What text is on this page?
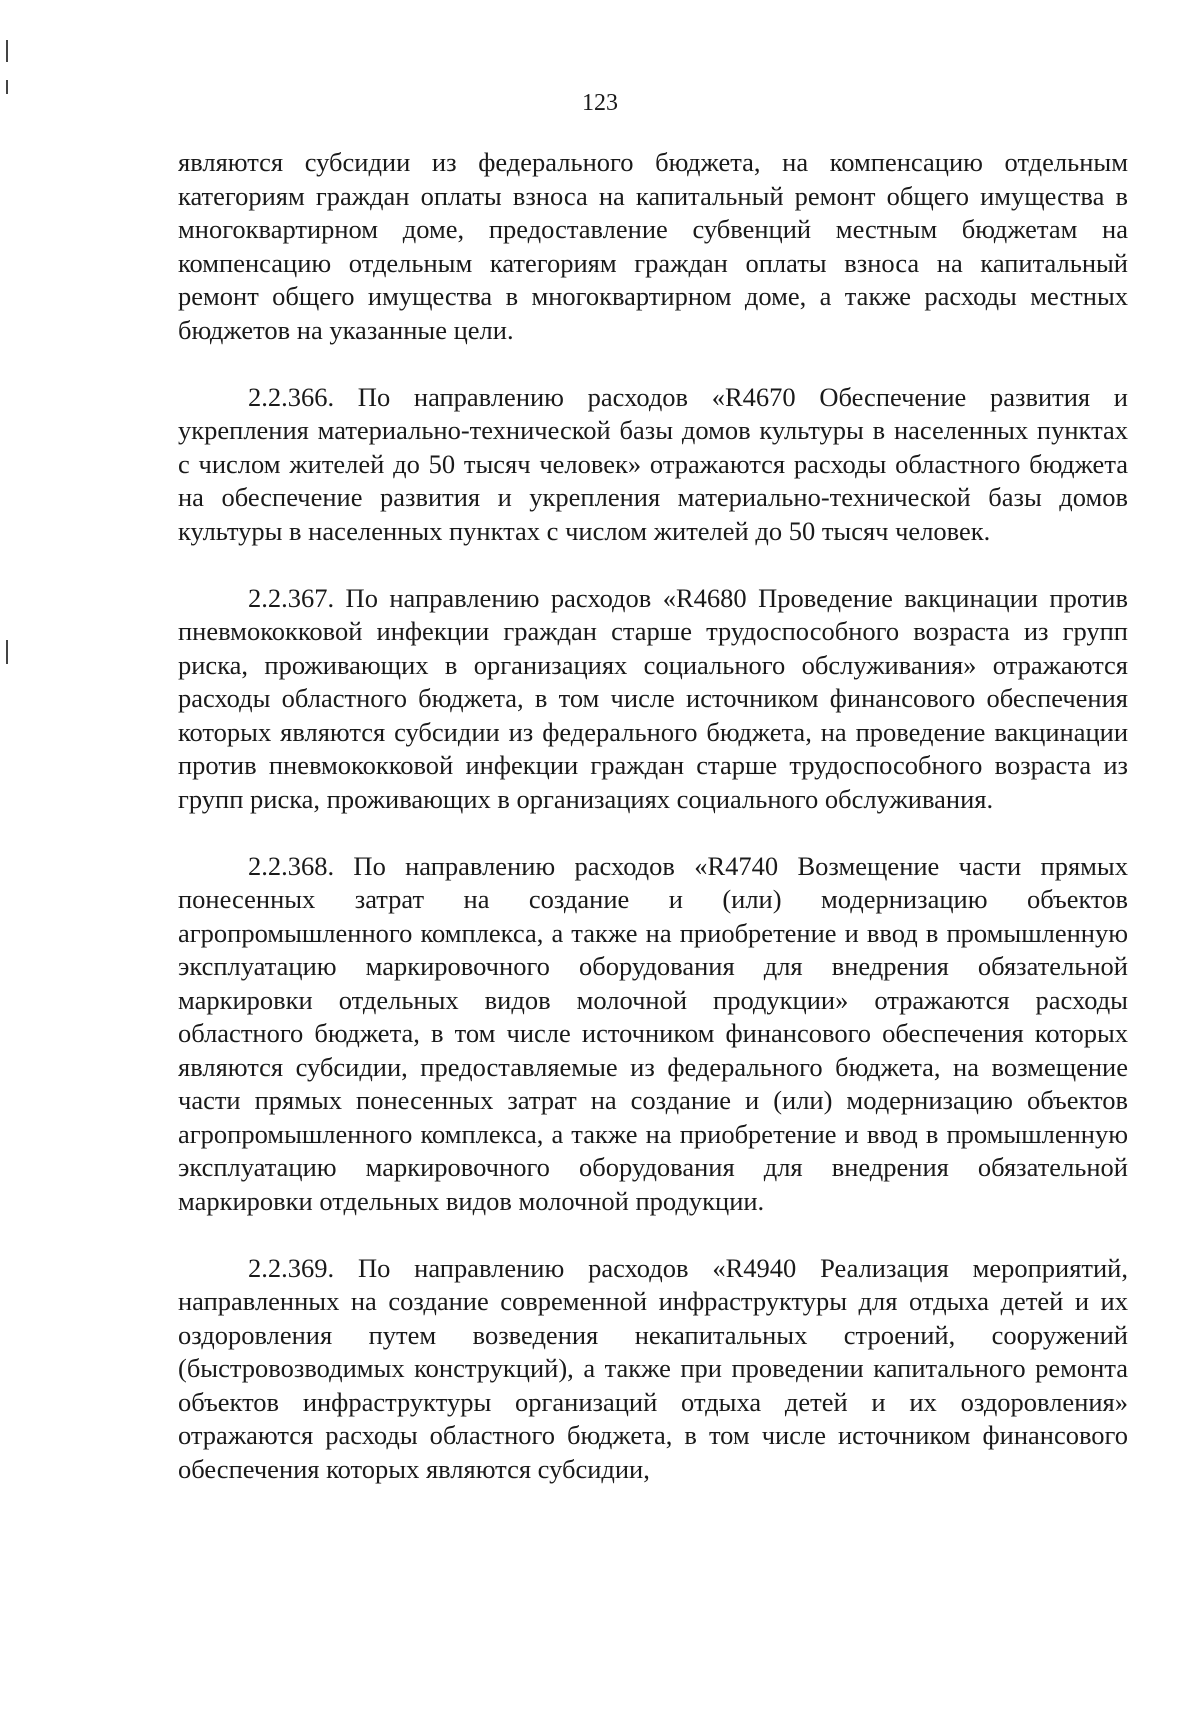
123

являются субсидии из федерального бюджета, на компенсацию отдельным категориям граждан оплаты взноса на капитальный ремонт общего имущества в многоквартирном доме, предоставление субвенций местным бюджетам на компенсацию отдельным категориям граждан оплаты взноса на капитальный ремонт общего имущества в многоквартирном доме, а также расходы местных бюджетов на указанные цели.

2.2.366. По направлению расходов «R4670 Обеспечение развития и укрепления материально-технической базы домов культуры в населенных пунктах с числом жителей до 50 тысяч человек» отражаются расходы областного бюджета на обеспечение развития и укрепления материально-технической базы домов культуры в населенных пунктах с числом жителей до 50 тысяч человек.

2.2.367. По направлению расходов «R4680 Проведение вакцинации против пневмококковой инфекции граждан старше трудоспособного возраста из групп риска, проживающих в организациях социального обслуживания» отражаются расходы областного бюджета, в том числе источником финансового обеспечения которых являются субсидии из федерального бюджета, на проведение вакцинации против пневмококковой инфекции граждан старше трудоспособного возраста из групп риска, проживающих в организациях социального обслуживания.

2.2.368. По направлению расходов «R4740 Возмещение части прямых понесенных затрат на создание и (или) модернизацию объектов агропромышленного комплекса, а также на приобретение и ввод в промышленную эксплуатацию маркировочного оборудования для внедрения обязательной маркировки отдельных видов молочной продукции» отражаются расходы областного бюджета, в том числе источником финансового обеспечения которых являются субсидии, предоставляемые из федерального бюджета, на возмещение части прямых понесенных затрат на создание и (или) модернизацию объектов агропромышленного комплекса, а также на приобретение и ввод в промышленную эксплуатацию маркировочного оборудования для внедрения обязательной маркировки отдельных видов молочной продукции.

2.2.369. По направлению расходов «R4940 Реализация мероприятий, направленных на создание современной инфраструктуры для отдыха детей и их оздоровления путем возведения некапитальных строений, сооружений (быстровозводимых конструкций), а также при проведении капитального ремонта объектов инфраструктуры организаций отдыха детей и их оздоровления» отражаются расходы областного бюджета, в том числе источником финансового обеспечения которых являются субсидии,
